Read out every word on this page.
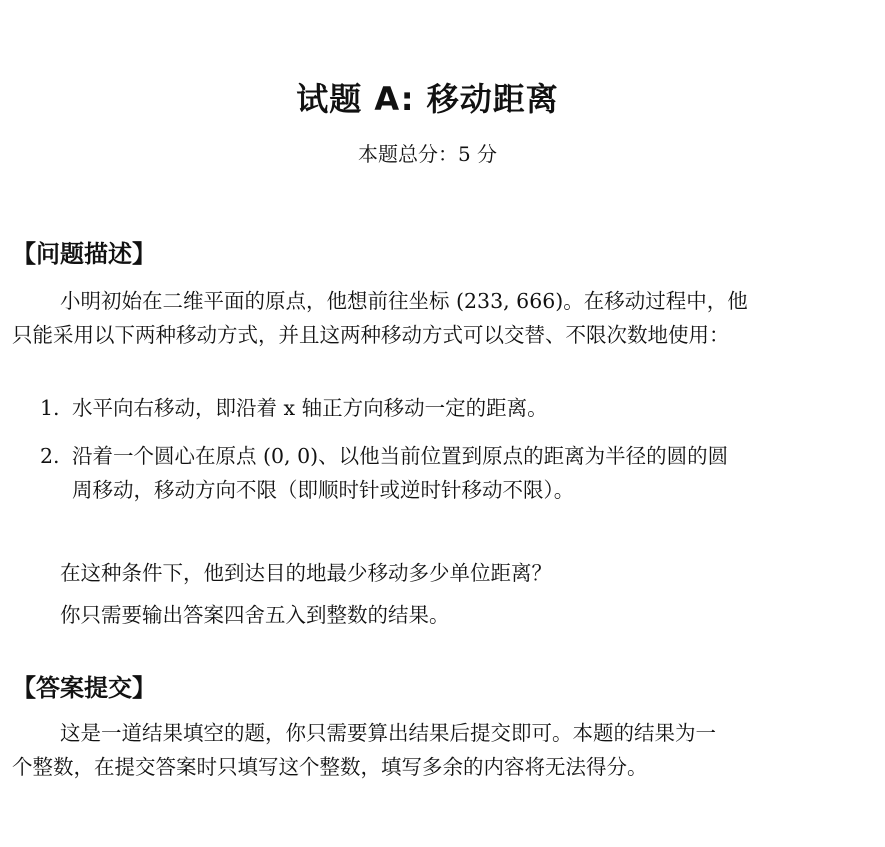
试题 A: 移动距离
本题总分：5 分
【问题描述】
小明初始在二维平面的原点，他想前往坐标 (233, 666)。在移动过程中，他
只能采用以下两种移动方式，并且这两种移动方式可以交替、不限次数地使用：
1. 水平向右移动，即沿着 x 轴正方向移动一定的距离。
2. 沿着一个圆心在原点 (0, 0)、以他当前位置到原点的距离为半径的圆的圆
周移动，移动方向不限（即顺时针或逆时针移动不限）。
在这种条件下，他到达目的地最少移动多少单位距离？
你只需要输出答案四舍五入到整数的结果。
【答案提交】
这是一道结果填空的题，你只需要算出结果后提交即可。本题的结果为一
个整数，在提交答案时只填写这个整数，填写多余的内容将无法得分。
